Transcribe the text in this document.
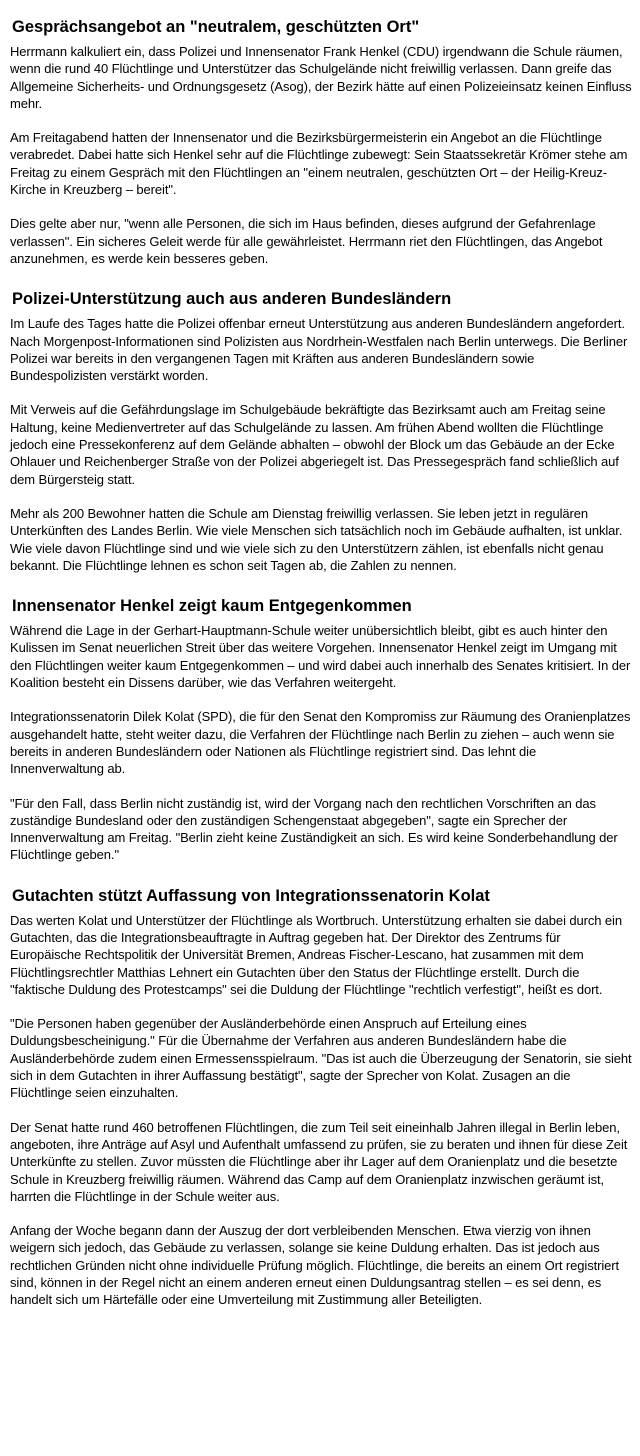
Gesprächsangebot an "neutralem, geschützten Ort"

Herrmann kalkuliert ein, dass Polizei und Innensenator Frank Henkel (CDU) irgendwann die Schule räumen, wenn die rund 40 Flüchtlinge und Unterstützer das Schulgelände nicht freiwillig verlassen. Dann greife das Allgemeine Sicherheits- und Ordnungsgesetz (Asog), der Bezirk hätte auf einen Polizeieinsatz keinen Einfluss mehr.

Am Freitagabend hatten der Innensenator und die Bezirksbürgermeisterin ein Angebot an die Flüchtlinge verabredet. Dabei hatte sich Henkel sehr auf die Flüchtlinge zubewegt: Sein Staatssekretär Krömer stehe am Freitag zu einem Gespräch mit den Flüchtlingen an "einem neutralen, geschützten Ort – der Heilig-Kreuz-Kirche in Kreuzberg – bereit".

Dies gelte aber nur, "wenn alle Personen, die sich im Haus befinden, dieses aufgrund der Gefahrenlage verlassen". Ein sicheres Geleit werde für alle gewährleistet. Herrmann riet den Flüchtlingen, das Angebot anzunehmen, es werde kein besseres geben.

Polizei-Unterstützung auch aus anderen Bundesländern

Im Laufe des Tages hatte die Polizei offenbar erneut Unterstützung aus anderen Bundesländern angefordert. Nach Morgenpost-Informationen sind Polizisten aus Nordrhein-Westfalen nach Berlin unterwegs. Die Berliner Polizei war bereits in den vergangenen Tagen mit Kräften aus anderen Bundesländern sowie Bundespolizisten verstärkt worden.

Mit Verweis auf die Gefährdungslage im Schulgebäude bekräftigte das Bezirksamt auch am Freitag seine Haltung, keine Medienvertreter auf das Schulgelände zu lassen. Am frühen Abend wollten die Flüchtlinge jedoch eine Pressekonferenz auf dem Gelände abhalten – obwohl der Block um das Gebäude an der Ecke Ohlauer und Reichenberger Straße von der Polizei abgeriegelt ist. Das Pressegespräch fand schließlich auf dem Bürgersteig statt.

Mehr als 200 Bewohner hatten die Schule am Dienstag freiwillig verlassen. Sie leben jetzt in regulären Unterkünften des Landes Berlin. Wie viele Menschen sich tatsächlich noch im Gebäude aufhalten, ist unklar. Wie viele davon Flüchtlinge sind und wie viele sich zu den Unterstützern zählen, ist ebenfalls nicht genau bekannt. Die Flüchtlinge lehnen es schon seit Tagen ab, die Zahlen zu nennen.

Innensenator Henkel zeigt kaum Entgegenkommen

Während die Lage in der Gerhart-Hauptmann-Schule weiter unübersichtlich bleibt, gibt es auch hinter den Kulissen im Senat neuerlichen Streit über das weitere Vorgehen. Innensenator Henkel zeigt im Umgang mit den Flüchtlingen weiter kaum Entgegenkommen – und wird dabei auch innerhalb des Senates kritisiert. In der Koalition besteht ein Dissens darüber, wie das Verfahren weitergeht.

Integrationssenatorin Dilek Kolat (SPD), die für den Senat den Kompromiss zur Räumung des Oranienplatzes ausgehandelt hatte, steht weiter dazu, die Verfahren der Flüchtlinge nach Berlin zu ziehen – auch wenn sie bereits in anderen Bundesländern oder Nationen als Flüchtlinge registriert sind. Das lehnt die Innenverwaltung ab.

"Für den Fall, dass Berlin nicht zuständig ist, wird der Vorgang nach den rechtlichen Vorschriften an das zuständige Bundesland oder den zuständigen Schengenstaat abgegeben", sagte ein Sprecher der Innenverwaltung am Freitag. "Berlin zieht keine Zuständigkeit an sich. Es wird keine Sonderbehandlung der Flüchtlinge geben."

Gutachten stützt Auffassung von Integrationssenatorin Kolat

Das werten Kolat und Unterstützer der Flüchtlinge als Wortbruch. Unterstützung erhalten sie dabei durch ein Gutachten, das die Integrationsbeauftragte in Auftrag gegeben hat. Der Direktor des Zentrums für Europäische Rechtspolitik der Universität Bremen, Andreas Fischer-Lescano, hat zusammen mit dem Flüchtlingsrechtler Matthias Lehnert ein Gutachten über den Status der Flüchtlinge erstellt. Durch die "faktische Duldung des Protestcamps" sei die Duldung der Flüchtlinge "rechtlich verfestigt", heißt es dort.

"Die Personen haben gegenüber der Ausländerbehörde einen Anspruch auf Erteilung eines Duldungsbescheinigung." Für die Übernahme der Verfahren aus anderen Bundesländern habe die Ausländerbehörde zudem einen Ermessensspielraum. "Das ist auch die Überzeugung der Senatorin, sie sieht sich in dem Gutachten in ihrer Auffassung bestätigt", sagte der Sprecher von Kolat. Zusagen an die Flüchtlinge seien einzuhalten.

Der Senat hatte rund 460 betroffenen Flüchtlingen, die zum Teil seit eineinhalb Jahren illegal in Berlin leben, angeboten, ihre Anträge auf Asyl und Aufenthalt umfassend zu prüfen, sie zu beraten und ihnen für diese Zeit Unterkünfte zu stellen. Zuvor müssten die Flüchtlinge aber ihr Lager auf dem Oranienplatz und die besetzte Schule in Kreuzberg freiwillig räumen. Während das Camp auf dem Oranienplatz inzwischen geräumt ist, harrten die Flüchtlinge in der Schule weiter aus.

Anfang der Woche begann dann der Auszug der dort verbleibenden Menschen. Etwa vierzig von ihnen weigern sich jedoch, das Gebäude zu verlassen, solange sie keine Duldung erhalten. Das ist jedoch aus rechtlichen Gründen nicht ohne individuelle Prüfung möglich. Flüchtlinge, die bereits an einem Ort registriert sind, können in der Regel nicht an einem anderen erneut einen Duldungsantrag stellen – es sei denn, es handelt sich um Härtefälle oder eine Umverteilung mit Zustimmung aller Beteiligten.
